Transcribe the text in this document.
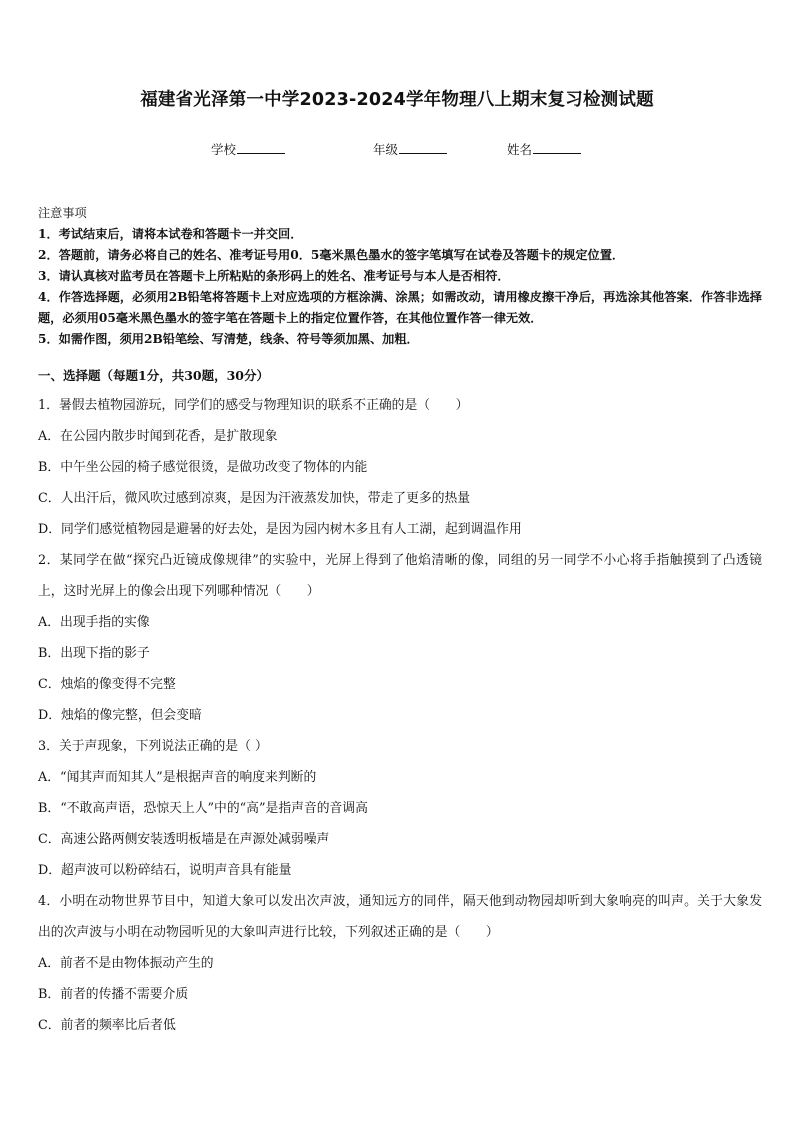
福建省光泽第一中学2023-2024学年物理八上期末复习检测试题
学校	年级	姓名

注意事项

1．考试结束后，请将本试卷和答题卡一并交回．

2．答题前，请务必将自己的姓名、准考证号用0．5毫米黑色墨水的签字笔填写在试卷及答题卡的规定位置．

3．请认真核对监考员在答题卡上所粘贴的条形码上的姓名、准考证号与本人是否相符．

4．作答选择题，必须用2B铅笔将答题卡上对应选项的方框涂满、涂黑；如需改动，请用橡皮擦干净后，再选涂其他答案．作答非选择题，必须用05毫米黑色墨水的签字笔在答题卡上的指定位置作答，在其他位置作答一律无效．

5．如需作图，须用2B铅笔绘、写清楚，线条、符号等须加黑、加粗．

一、选择题（每题1分，共30题，30分）

1．暑假去植物园游玩，同学们的感受与物理知识的联系不正确的是（　　）

A．在公园内散步时闻到花香，是扩散现象

B．中午坐公园的椅子感觉很烫，是做功改变了物体的内能

C．人出汗后，微风吹过感到凉爽，是因为汗液蒸发加快，带走了更多的热量

D．同学们感觉植物园是避暑的好去处，是因为园内树木多且有人工湖，起到调温作用

2．某同学在做“探究凸近镜成像规律”的实验中，光屏上得到了他焰清晰的像，同组的另一同学不小心将手指触摸到了凸透镜上，这时光屏上的像会出现下列哪种情况（　　）

A．出现手指的实像

B．出现下指的影子

C．烛焰的像变得不完整

D．烛焰的像完整，但会变暗

3．关于声现象，下列说法正确的是（ ）

A．“闻其声而知其人”是根据声音的响度来判断的

B．“不敢高声语，恐惊天上人”中的“高”是指声音的音调高

C．高速公路两侧安装透明板墙是在声源处减弱噪声

D．超声波可以粉碎结石，说明声音具有能量

4．小明在动物世界节目中，知道大象可以发出次声波，通知远方的同伴，隔天他到动物园却听到大象响亮的叫声。关于大象发出的次声波与小明在动物园听见的大象叫声进行比较，下列叙述正确的是（　　）

A．前者不是由物体振动产生的

B．前者的传播不需要介质

C．前者的频率比后者低
